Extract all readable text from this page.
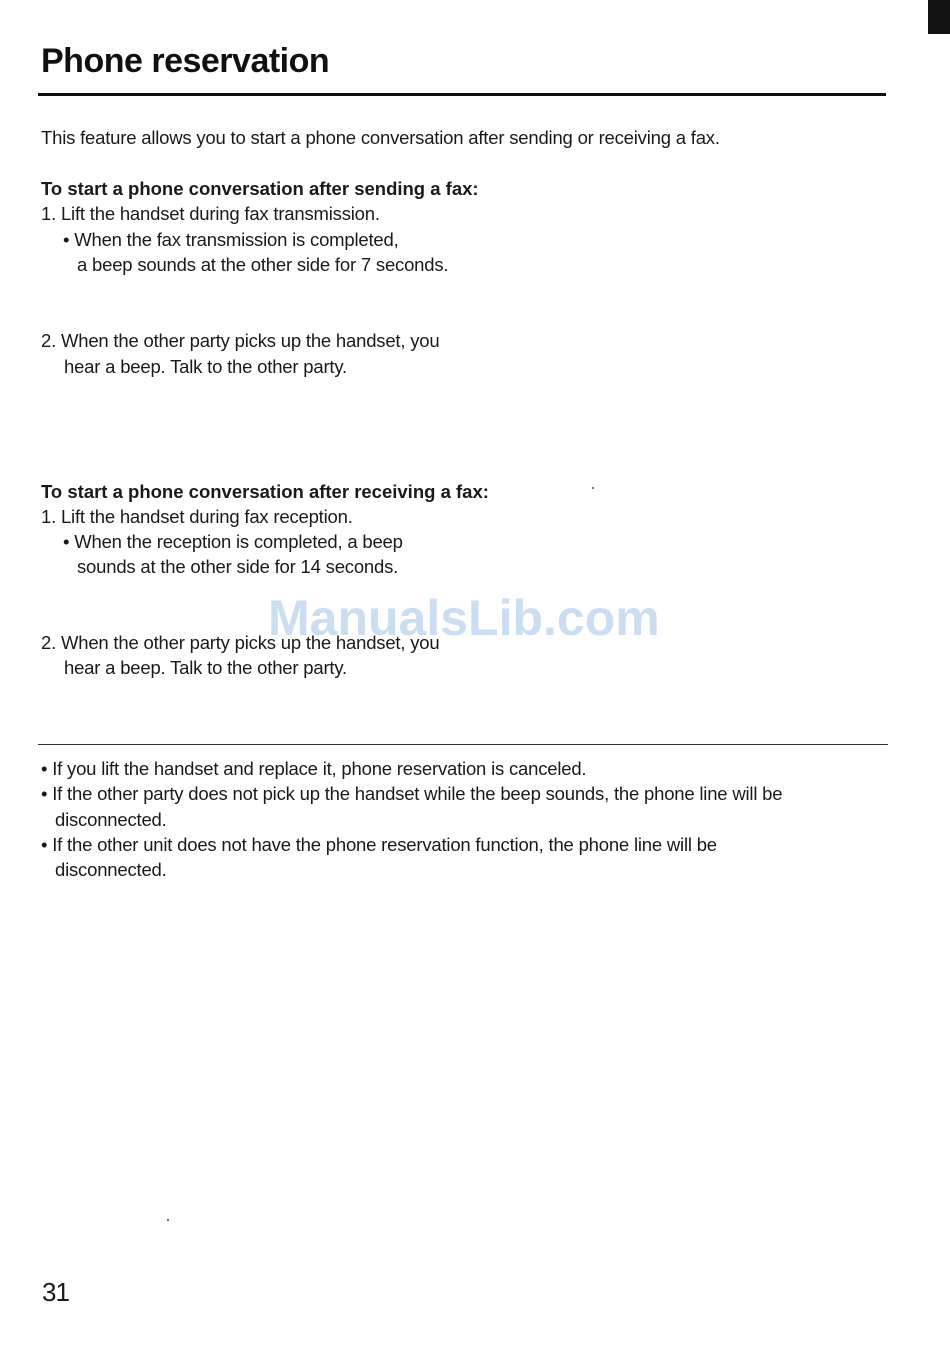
Phone reservation

This feature allows you to start a phone conversation after sending or receiving a fax.

To start a phone conversation after sending a fax:

1. Lift the handset during fax transmission.

• When the fax transmission is completed,

a beep sounds at the other side for 7 seconds.

2. When the other party picks up the handset, you

hear a beep. Talk to the other party.

To start a phone conversation after receiving a fax:

1. Lift the handset during fax reception.

• When the reception is completed, a beep

sounds at the other side for 14 seconds.

2. When the other party picks up the handset, you

hear a beep. Talk to the other party.

ManualsLib.com

• If you lift the handset and replace it, phone reservation is canceled.

• If the other party does not pick up the handset while the beep sounds, the phone line will be

disconnected.

• If the other unit does not have the phone reservation function, the phone line will be

disconnected.

31
